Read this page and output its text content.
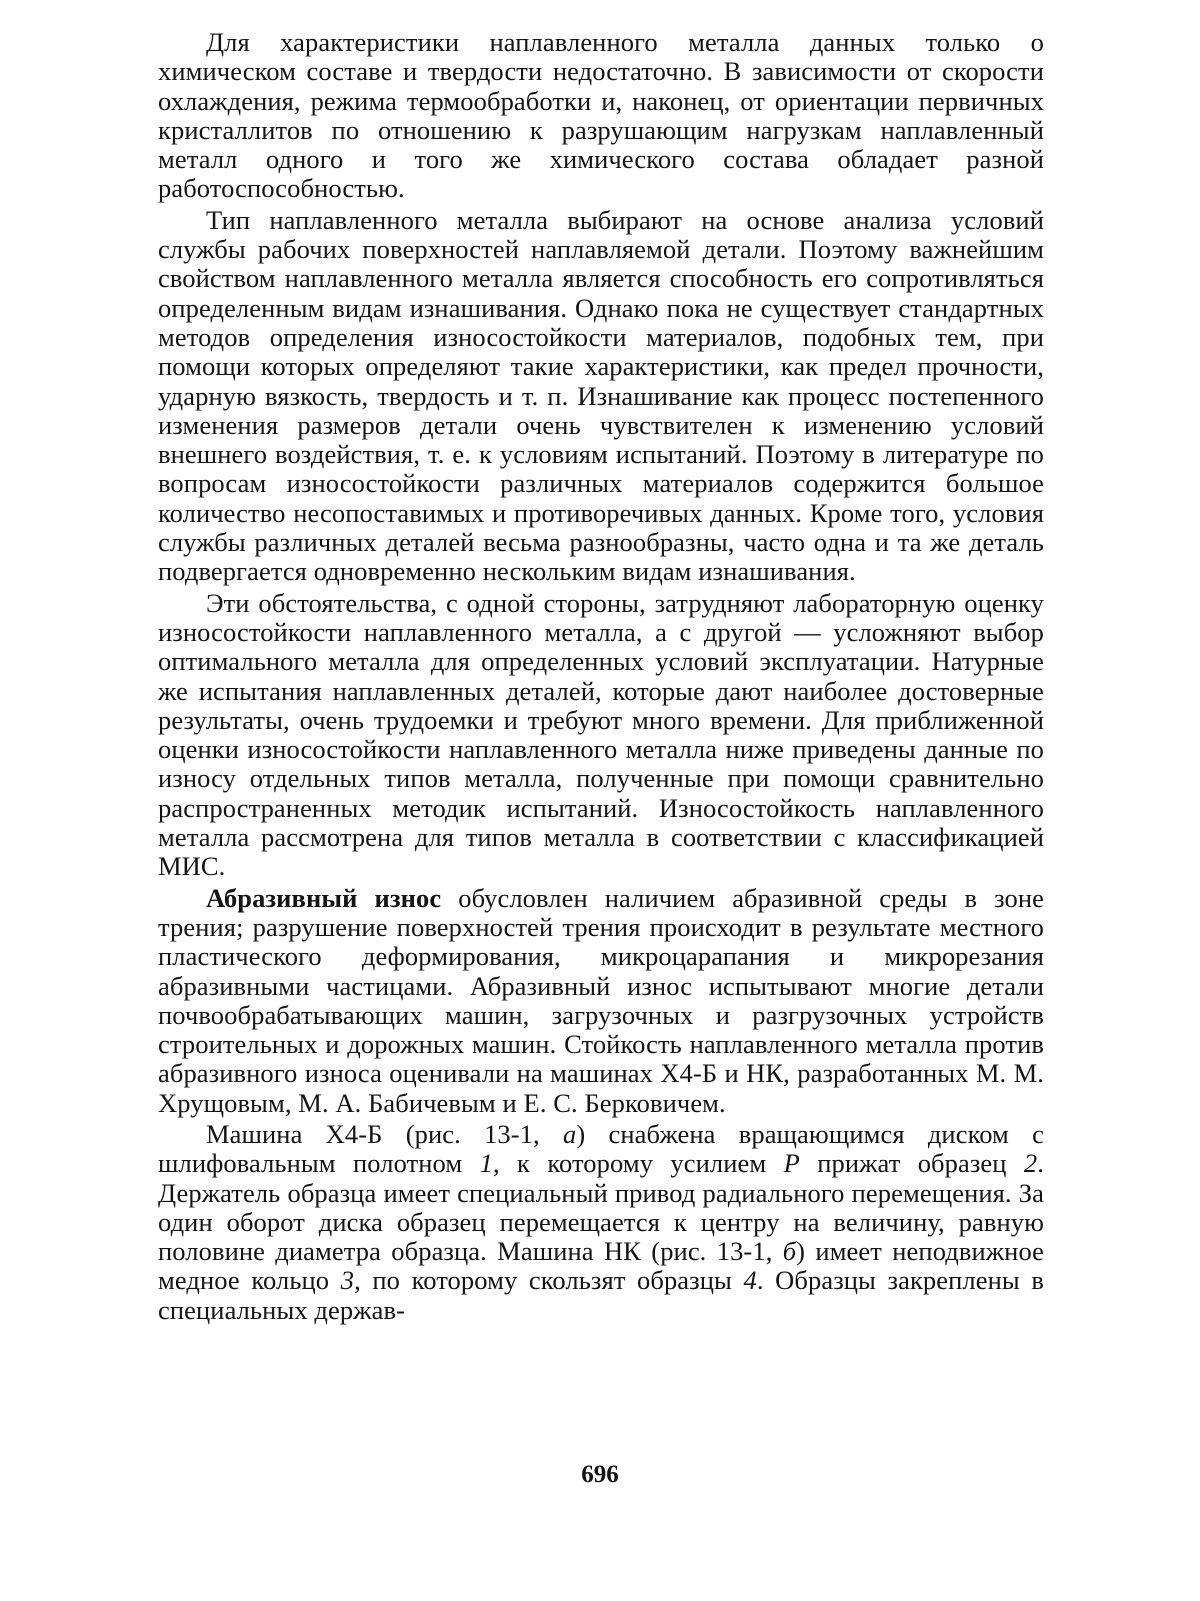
Для характеристики наплавленного металла данных только о химическом составе и твердости недостаточно. В зависимости от скорости охлаждения, режима термообработки и, наконец, от ориентации первичных кристаллитов по отношению к разрушающим нагрузкам наплавленный металл одного и того же химического состава обладает разной работоспособностью.

Тип наплавленного металла выбирают на основе анализа условий службы рабочих поверхностей наплавляемой детали. Поэтому важнейшим свойством наплавленного металла является способность его сопротивляться определенным видам изнашивания. Однако пока не существует стандартных методов определения износостойкости материалов, подобных тем, при помощи которых определяют такие характеристики, как предел прочности, ударную вязкость, твердость и т. п. Изнашивание как процесс постепенного изменения размеров детали очень чувствителен к изменению условий внешнего воздействия, т. е. к условиям испытаний. Поэтому в литературе по вопросам износостойкости различных материалов содержится большое количество несопоставимых и противоречивых данных. Кроме того, условия службы различных деталей весьма разнообразны, часто одна и та же деталь подвергается одновременно нескольким видам изнашивания.

Эти обстоятельства, с одной стороны, затрудняют лабораторную оценку износостойкости наплавленного металла, а с другой — усложняют выбор оптимального металла для определенных условий эксплуатации. Натурные же испытания наплавленных деталей, которые дают наиболее достоверные результаты, очень трудоемки и требуют много времени. Для приближенной оценки износостойкости наплавленного металла ниже приведены данные по износу отдельных типов металла, полученные при помощи сравнительно распространенных методик испытаний. Износостойкость наплавленного металла рассмотрена для типов металла в соответствии с классификацией МИС.

Абразивный износ обусловлен наличием абразивной среды в зоне трения; разрушение поверхностей трения происходит в результате местного пластического деформирования, микроцарапания и микрорезания абразивными частицами. Абразивный износ испытывают многие детали почвообрабатывающих машин, загрузочных и разгрузочных устройств строительных и дорожных машин. Стойкость наплавленного металла против абразивного износа оценивали на машинах Х4-Б и НК, разработанных М. М. Хрущовым, М. А. Бабичевым и Е. С. Берковичем.

Машина Х4-Б (рис. 13-1, а) снабжена вращающимся диском с шлифовальным полотном 1, к которому усилием Р прижат образец 2. Держатель образца имеет специальный привод радиального перемещения. За один оборот диска образец перемещается к центру на величину, равную половине диаметра образца. Машина НК (рис. 13-1, б) имеет неподвижное медное кольцо 3, по которому скользят образцы 4. Образцы закреплены в специальных держав-

696
